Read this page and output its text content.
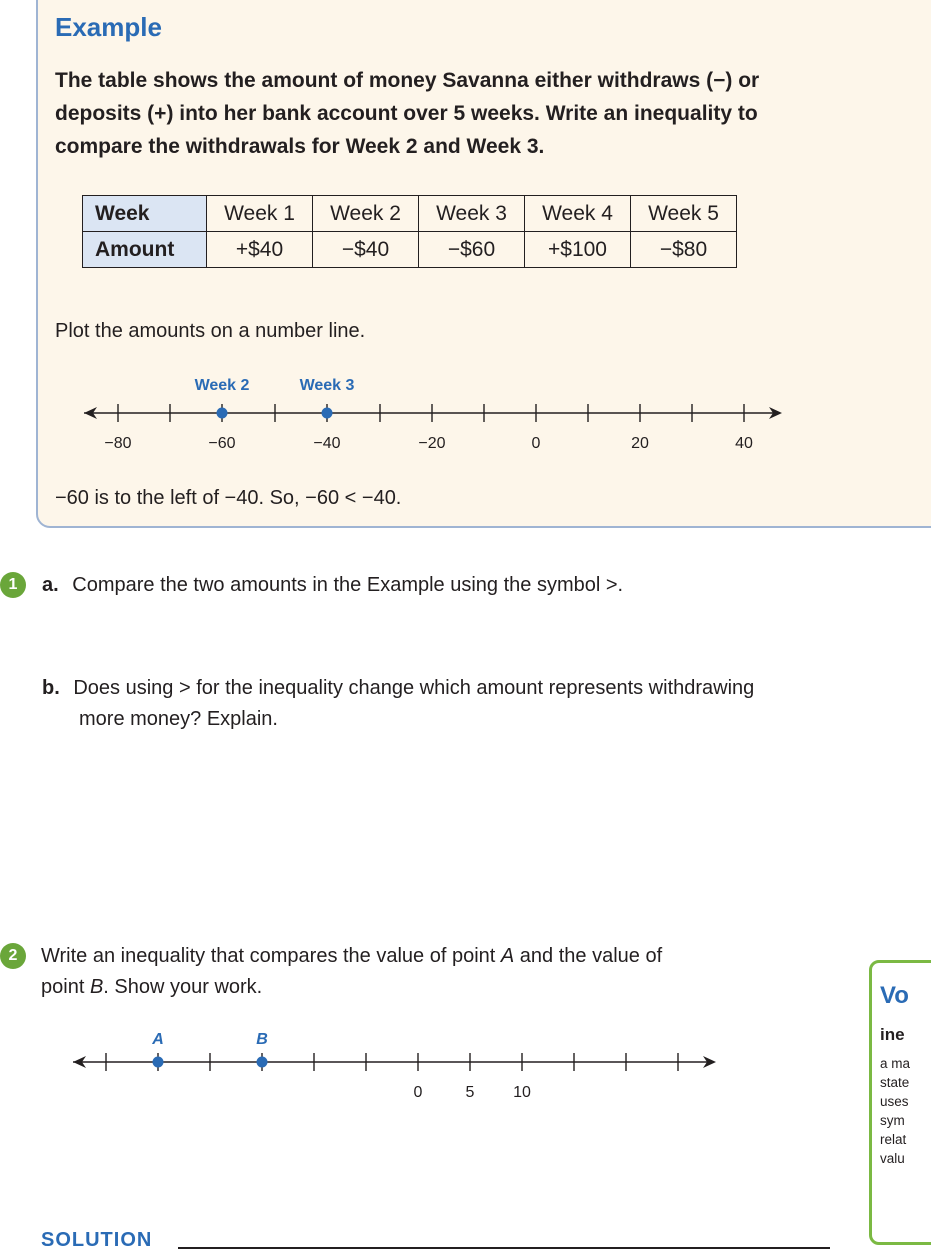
Example
The table shows the amount of money Savanna either withdraws (−) or
deposits (+) into her bank account over 5 weeks. Write an inequality to
compare the withdrawals for Week 2 and Week 3.
Week	Week 1	Week 2	Week 3	Week 4	Week 5
Amount	+$40	−$40	−$60	+$100	−$80
Plot the amounts on a number line.
−80	−60	−40	−20	0	20	40
Week 2	Week 3
−60 is to the left of −40. So, −60 < −40.
1	a. Compare the two amounts in the Example using the symbol >.
b. Does using > for the inequality change which amount represents withdrawing
more money? Explain.
2	Write an inequality that compares the value of point A and the value of
point B. Show your work.
0	5 10
A	B
SOLUTION
Vo
ine
a ma
state
uses
sym
relat
valu
